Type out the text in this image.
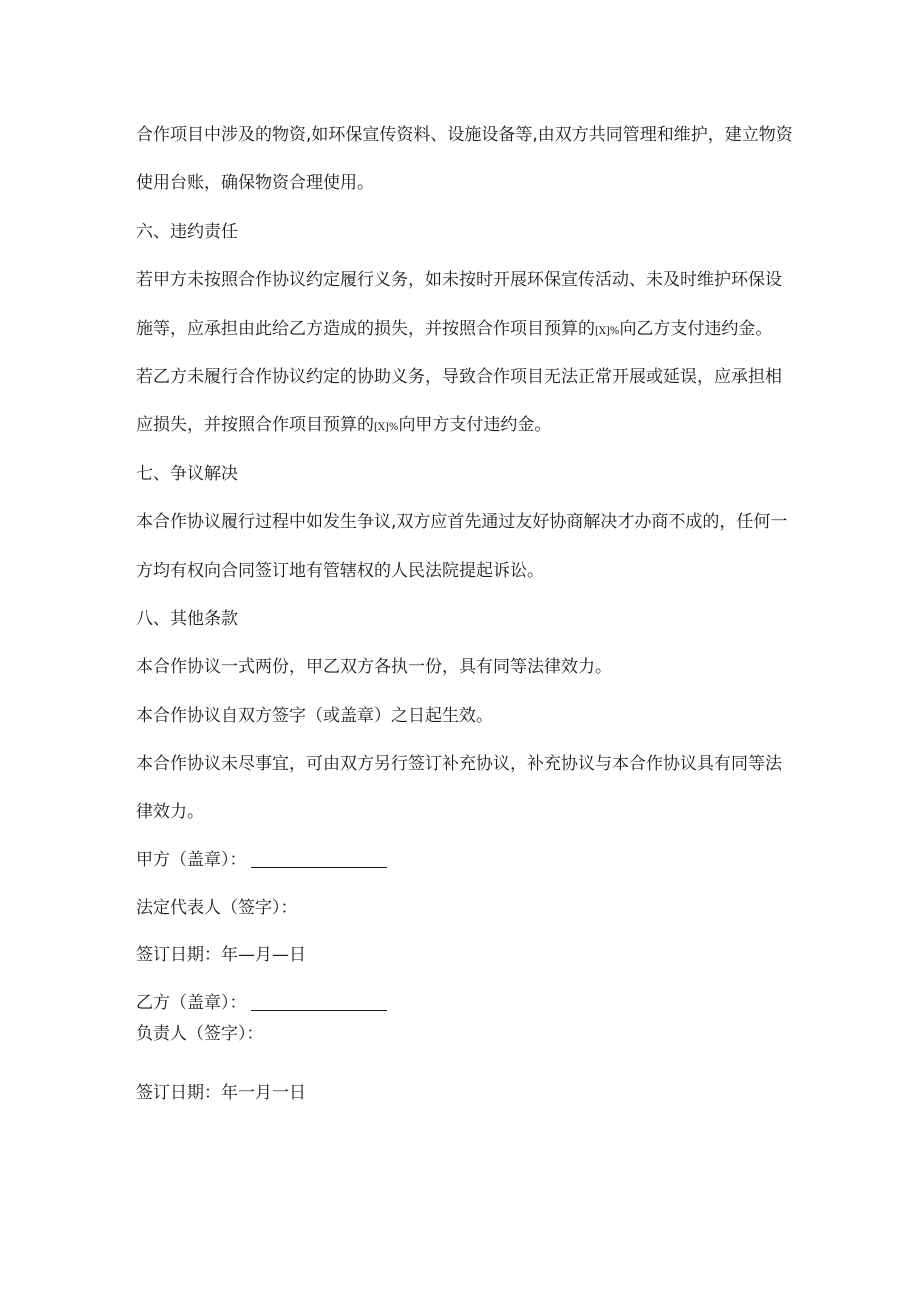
合作项目中涉及的物资,如环保宣传资料、设施设备等,由双方共同管理和维护，建立物资
使用台账，确保物资合理使用。
六、违约责任
若甲方未按照合作协议约定履行义务，如未按时开展环保宣传活动、未及时维护环保设
施等，应承担由此给乙方造成的损失，并按照合作项目预算的[X]%向乙方支付违约金。
若乙方未履行合作协议约定的协助义务，导致合作项目无法正常开展或延误，应承担相
应损失，并按照合作项目预算的[X]%向甲方支付违约金。
七、争议解决
本合作协议履行过程中如发生争议,双方应首先通过友好协商解决才办商不成的，任何一
方均有权向合同签订地有管辖权的人民法院提起诉讼。
八、其他条款
本合作协议一式两份，甲乙双方各执一份，具有同等法律效力。
本合作协议自双方签字（或盖章）之日起生效。
本合作协议未尽事宜，可由双方另行签订补充协议，补充协议与本合作协议具有同等法
律效力。
甲方（盖章）：
法定代表人（签字）：
签订日期：年—月—日
乙方（盖章）：
负责人（签字）：
签订日期：年一月一日
